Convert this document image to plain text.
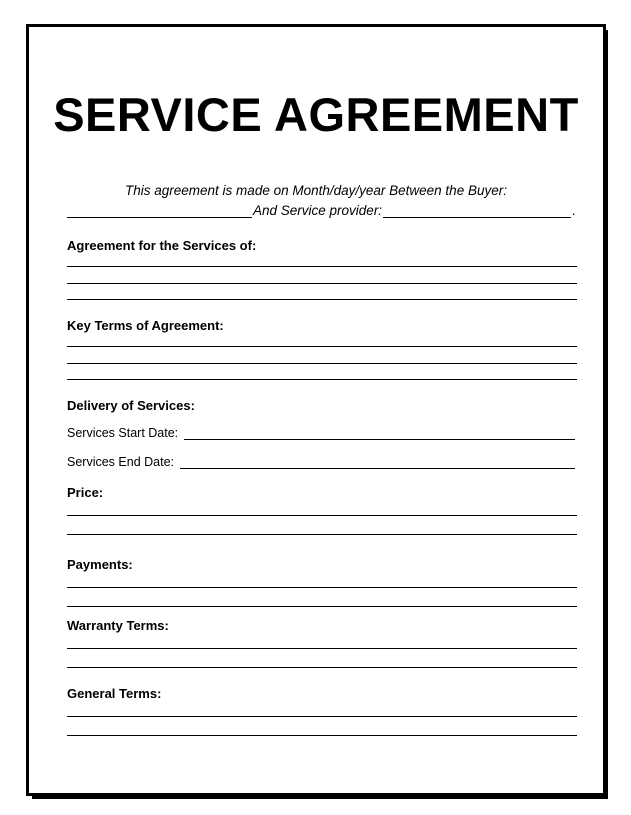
SERVICE AGREEMENT
This agreement is made on Month/day/year Between the Buyer:
And Service provider:	.
Agreement for the Services of:
Key Terms of Agreement:
Delivery of Services:
Services Start Date:
Services End Date:
Price:
Payments:
Warranty Terms:
General Terms:
